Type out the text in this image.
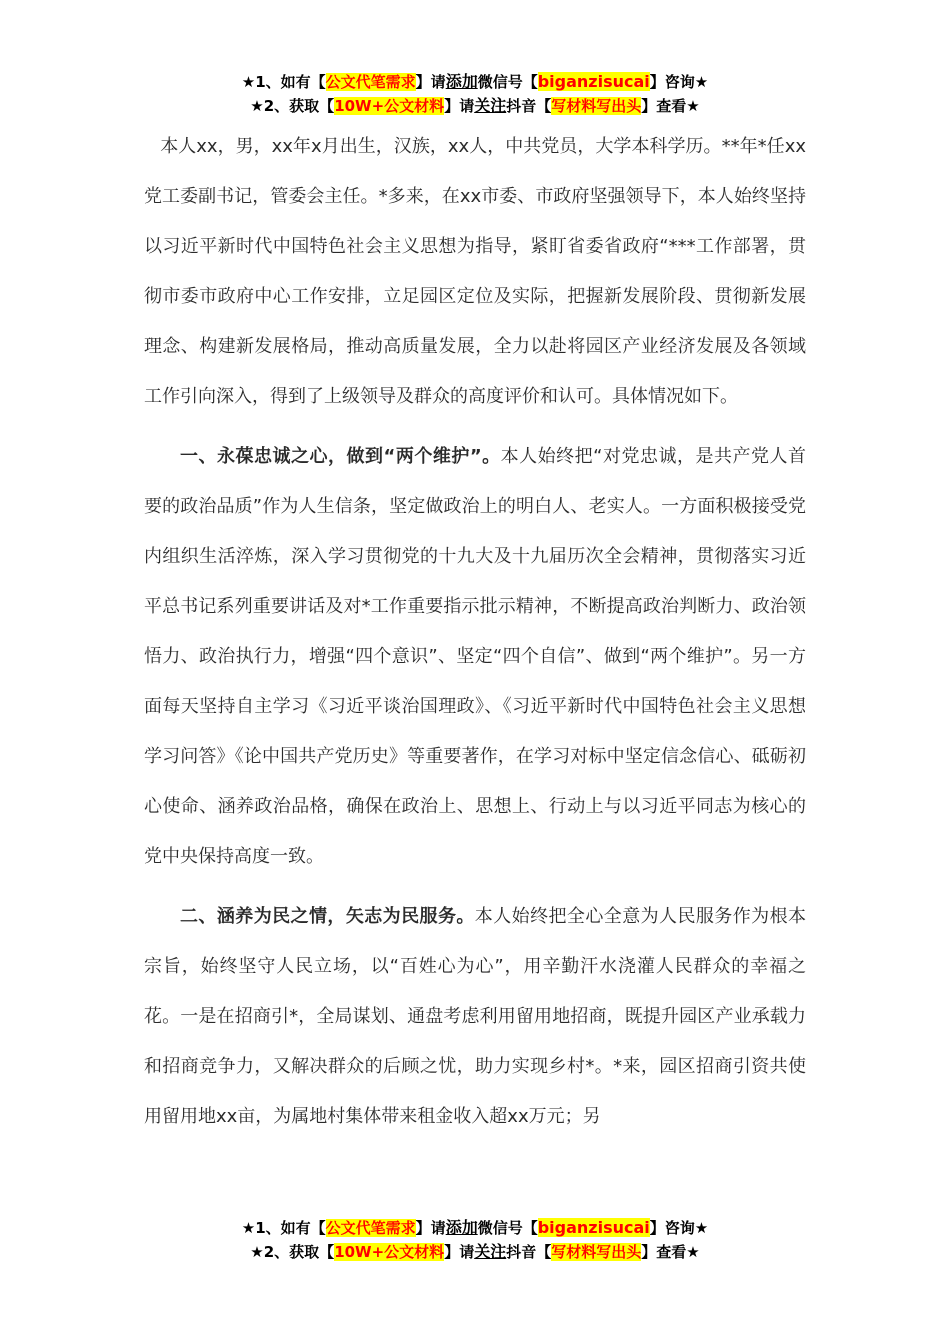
★1、如有【公文代笔需求】请添加微信号【biganzisucai】咨询★
★2、获取【10W+公文材料】请关注抖音【写材料写出头】查看★

本人xx，男，xx年x月出生，汉族，xx人，中共党员，大学本科学历。**年*任xx党工委副书记，管委会主任。*多来，在xx市委、市政府坚强领导下，本人始终坚持以习近平新时代中国特色社会主义思想为指导，紧盯省委省政府“***工作部署，贯彻市委市政府中心工作安排，立足园区定位及实际，把握新发展阶段、贯彻新发展理念、构建新发展格局，推动高质量发展，全力以赴将园区产业经济发展及各领域工作引向深入，得到了上级领导及群众的高度评价和认可。具体情况如下。

一、永葆忠诚之心，做到“两个维护”。本人始终把“对党忠诚，是共产党人首要的政治品质”作为人生信条，坚定做政治上的明白人、老实人。一方面积极接受党内组织生活淬炼，深入学习贯彻党的十九大及十九届历次全会精神，贯彻落实习近平总书记系列重要讲话及对*工作重要指示批示精神，不断提高政治判断力、政治领悟力、政治执行力，增强“四个意识”、坚定“四个自信”、做到“两个维护”。另一方面每天坚持自主学习《习近平谈治国理政》、《习近平新时代中国特色社会主义思想学习问答》《论中国共产党历史》等重要著作，在学习对标中坚定信念信心、砥砺初心使命、涵养政治品格，确保在政治上、思想上、行动上与以习近平同志为核心的党中央保持高度一致。

二、涵养为民之情，矢志为民服务。本人始终把全心全意为人民服务作为根本宗旨，始终坚守人民立场，以“百姓心为心”，用辛勤汗水浇灌人民群众的幸福之花。一是在招商引*，全局谋划、通盘考虑利用留用地招商，既提升园区产业承载力和招商竞争力，又解决群众的后顾之忧，助力实现乡村*。*来，园区招商引资共使用留用地xx亩，为属地村集体带来租金收入超xx万元；另

★1、如有【公文代笔需求】请添加微信号【biganzisucai】咨询★
★2、获取【10W+公文材料】请关注抖音【写材料写出头】查看★
